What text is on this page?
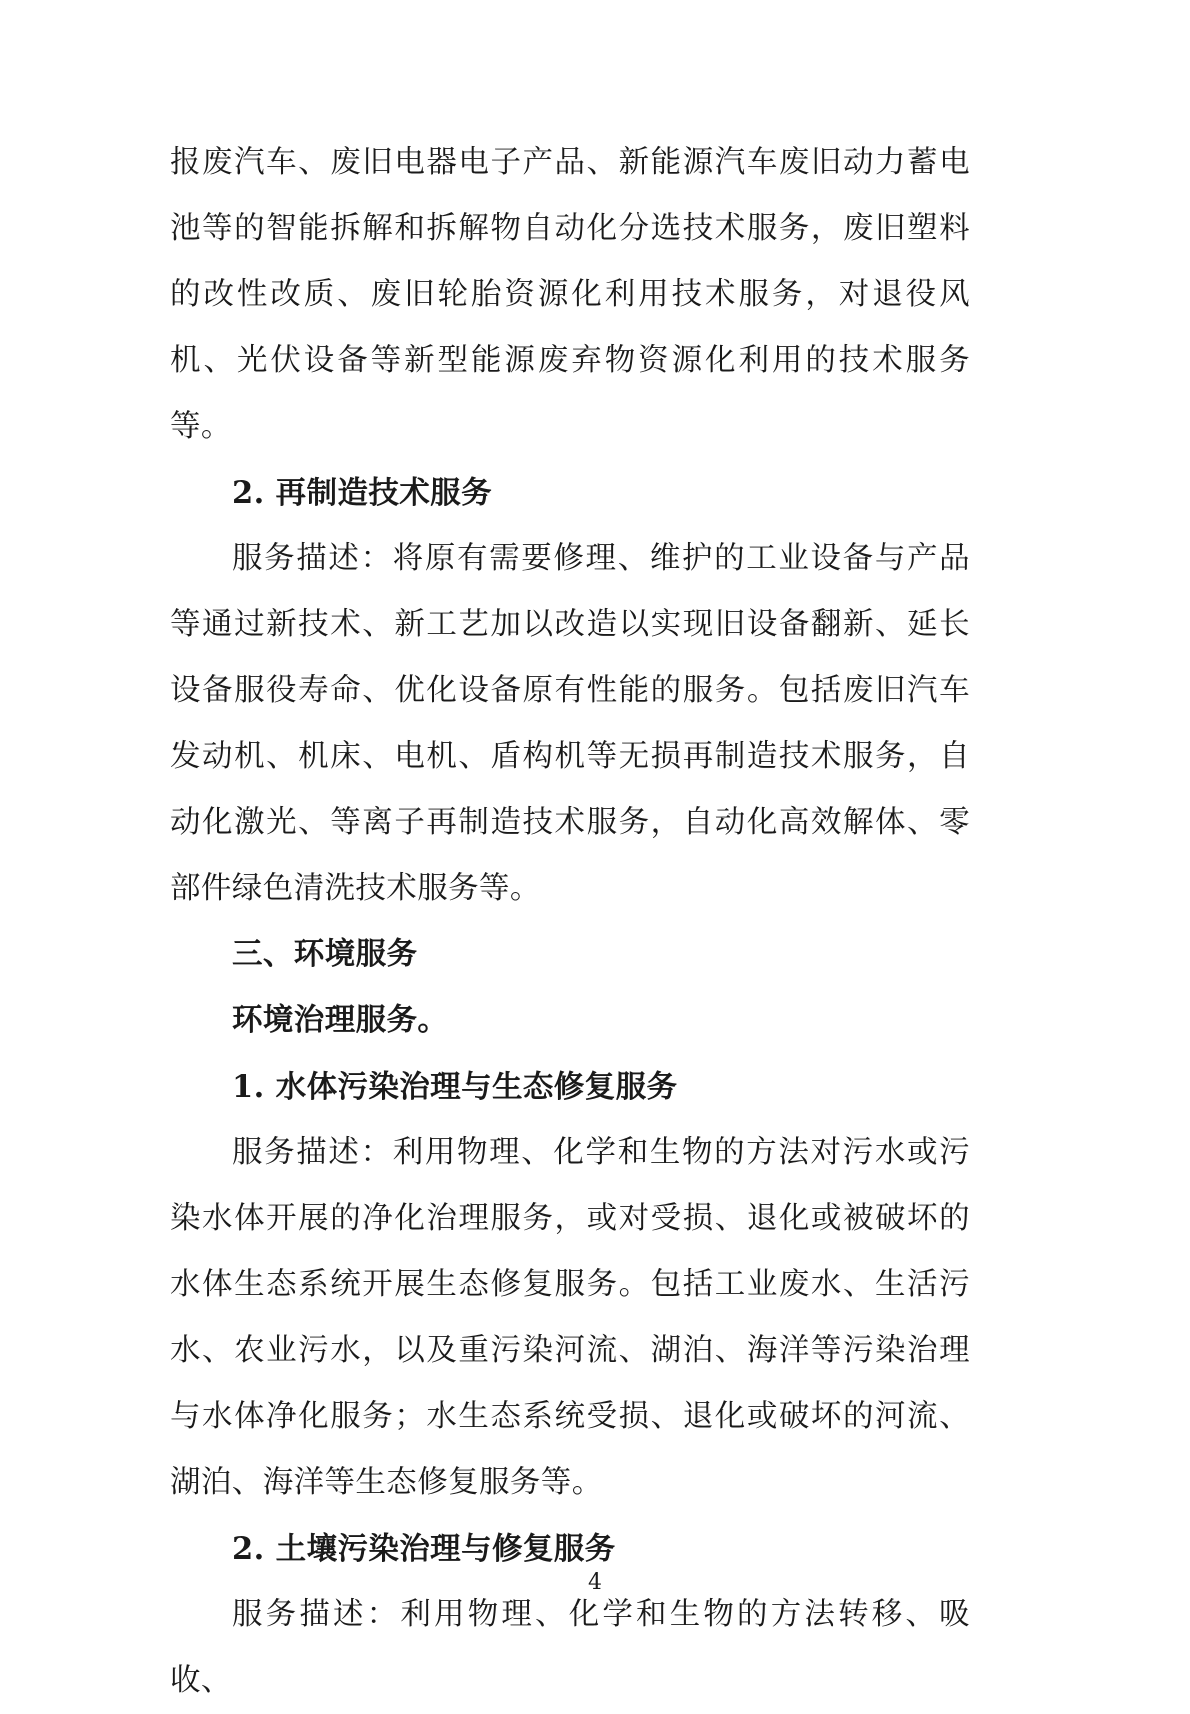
报废汽车、废旧电器电子产品、新能源汽车废旧动力蓄电池等的智能拆解和拆解物自动化分选技术服务，废旧塑料的改性改质、废旧轮胎资源化利用技术服务，对退役风机、光伏设备等新型能源废弃物资源化利用的技术服务等。

2. 再制造技术服务

服务描述：将原有需要修理、维护的工业设备与产品等通过新技术、新工艺加以改造以实现旧设备翻新、延长设备服役寿命、优化设备原有性能的服务。包括废旧汽车发动机、机床、电机、盾构机等无损再制造技术服务，自动化激光、等离子再制造技术服务，自动化高效解体、零部件绿色清洗技术服务等。

三、环境服务
环境治理服务。
1. 水体污染治理与生态修复服务

服务描述：利用物理、化学和生物的方法对污水或污染水体开展的净化治理服务，或对受损、退化或被破坏的水体生态系统开展生态修复服务。包括工业废水、生活污水、农业污水，以及重污染河流、湖泊、海洋等污染治理与水体净化服务；水生态系统受损、退化或破坏的河流、湖泊、海洋等生态修复服务等。

2. 土壤污染治理与修复服务

服务描述：利用物理、化学和生物的方法转移、吸收、

4
